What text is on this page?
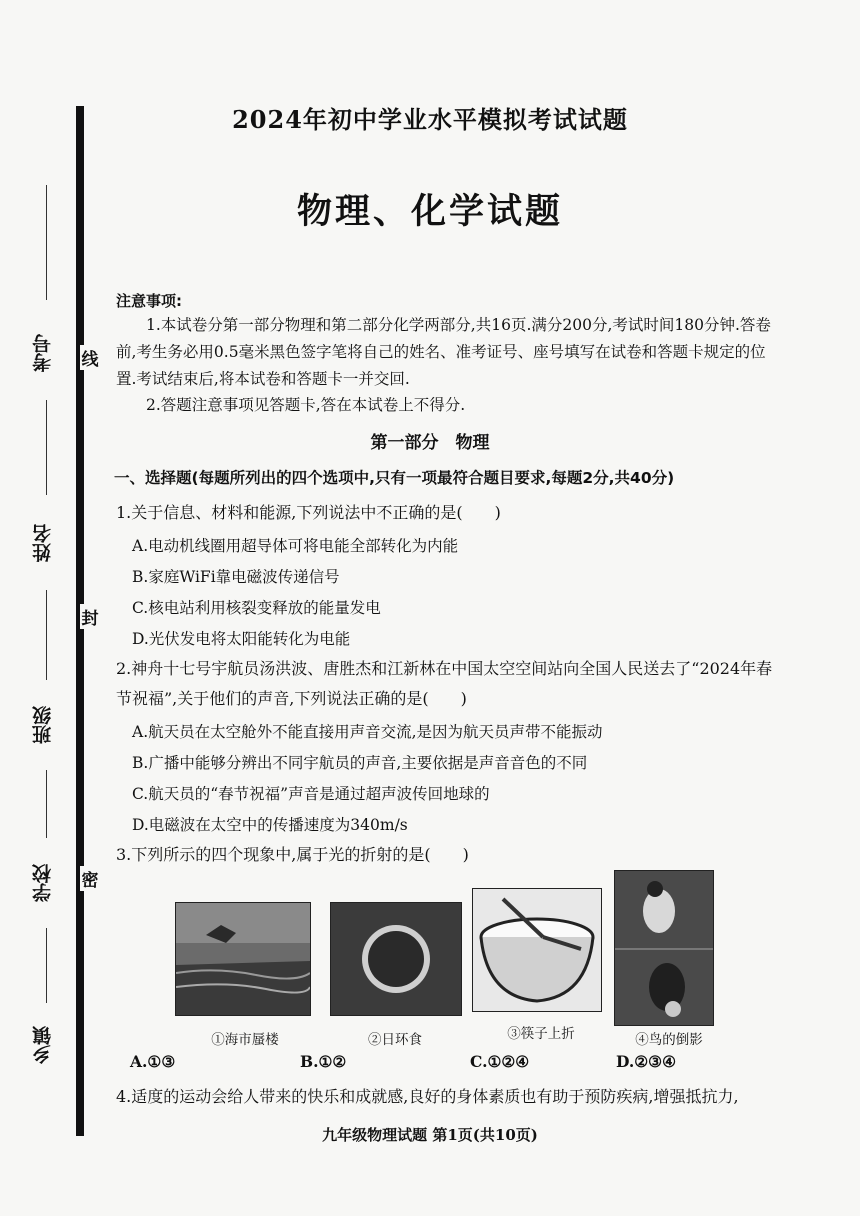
考号
姓名
班级
学校
乡镇
线
封
密
2024年初中学业水平模拟考试试题
物理、化学试题
注意事项:
1.本试卷分第一部分物理和第二部分化学两部分,共16页.满分200分,考试时间180分钟.答卷前,考生务必用0.5毫米黑色签字笔将自己的姓名、准考证号、座号填写在试卷和答题卡规定的位置.考试结束后,将本试卷和答题卡一并交回.
2.答题注意事项见答题卡,答在本试卷上不得分.
第一部分　物理
一、选择题(每题所列出的四个选项中,只有一项最符合题目要求,每题2分,共40分)
1.关于信息、材料和能源,下列说法中不正确的是(　　)
A.电动机线圈用超导体可将电能全部转化为内能
B.家庭WiFi靠电磁波传递信号
C.核电站利用核裂变释放的能量发电
D.光伏发电将太阳能转化为电能
2.神舟十七号宇航员汤洪波、唐胜杰和江新林在中国太空空间站向全国人民送去了“2024年春节祝福”,关于他们的声音,下列说法正确的是(　　)
A.航天员在太空舱外不能直接用声音交流,是因为航天员声带不能振动
B.广播中能够分辨出不同宇航员的声音,主要依据是声音音色的不同
C.航天员的“春节祝福”声音是通过超声波传回地球的
D.电磁波在太空中的传播速度为340m/s
3.下列所示的四个现象中,属于光的折射的是(　　)
①海市蜃楼	②日环食	③筷子上折	④鸟的倒影
A.①③	B.①②	C.①②④	D.②③④
4.适度的运动会给人带来的快乐和成就感,良好的身体素质也有助于预防疾病,增强抵抗力,
九年级物理试题 第1页(共10页)
